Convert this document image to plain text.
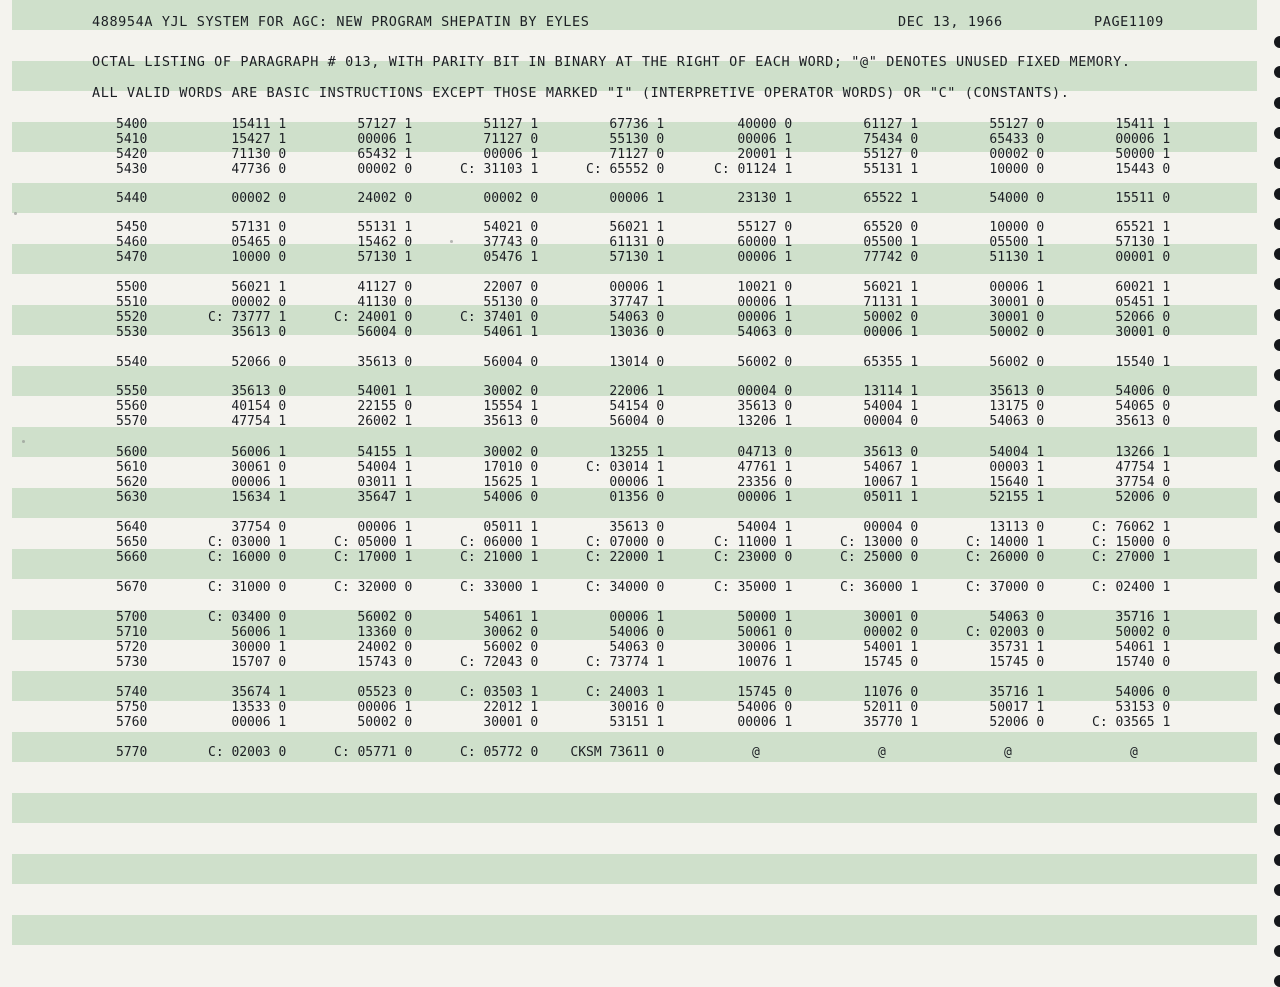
488954A YJL SYSTEM FOR AGC: NEW PROGRAM SHEPATIN BY EYLES	DEC 13, 1966	PAGE1109
OCTAL LISTING OF PARAGRAPH # 013, WITH PARITY BIT IN BINARY AT THE RIGHT OF EACH WORD; "@" DENOTES UNUSED FIXED MEMORY.
ALL VALID WORDS ARE BASIC INSTRUCTIONS EXCEPT THOSE MARKED "I" (INTERPRETIVE OPERATOR WORDS) OR "C" (CONSTANTS).
5400	15411 1	57127 1	51127 1	67736 1	40000 0	61127 1	55127 0	15411 1
5410	15427 1	00006 1	71127 0	55130 0	00006 1	75434 0	65433 0	00006 1
5420	71130 0	65432 1	00006 1	71127 0	20001 1	55127 0	00002 0	50000 1
5430	47736 0	00002 0	C: 31103 1	C: 65552 0	C: 01124 1	55131 1	10000 0	15443 0
5440	00002 0	24002 0	00002 0	00006 1	23130 1	65522 1	54000 0	15511 0
5450	57131 0	55131 1	54021 0	56021 1	55127 0	65520 0	10000 0	65521 1
5460	05465 0	15462 0	37743 0	61131 0	60000 1	05500 1	05500 1	57130 1
5470	10000 0	57130 1	05476 1	57130 1	00006 1	77742 0	51130 1	00001 0
5500	56021 1	41127 0	22007 0	00006 1	10021 0	56021 1	00006 1	60021 1
5510	00002 0	41130 0	55130 0	37747 1	00006 1	71131 1	30001 0	05451 1
5520	C: 73777 1	C: 24001 0	C: 37401 0	54063 0	00006 1	50002 0	30001 0	52066 0
5530	35613 0	56004 0	54061 1	13036 0	54063 0	00006 1	50002 0	30001 0
5540	52066 0	35613 0	56004 0	13014 0	56002 0	65355 1	56002 0	15540 1
5550	35613 0	54001 1	30002 0	22006 1	00004 0	13114 1	35613 0	54006 0
5560	40154 0	22155 0	15554 1	54154 0	35613 0	54004 1	13175 0	54065 0
5570	47754 1	26002 1	35613 0	56004 0	13206 1	00004 0	54063 0	35613 0
5600	56006 1	54155 1	30002 0	13255 1	04713 0	35613 0	54004 1	13266 1
5610	30061 0	54004 1	17010 0	C: 03014 1	47761 1	54067 1	00003 1	47754 1
5620	00006 1	03011 1	15625 1	00006 1	23356 0	10067 1	15640 1	37754 0
5630	15634 1	35647 1	54006 0	01356 0	00006 1	05011 1	52155 1	52006 0
5640	37754 0	00006 1	05011 1	35613 0	54004 1	00004 0	13113 0	C: 76062 1
5650	C: 03000 1	C: 05000 1	C: 06000 1	C: 07000 0	C: 11000 1	C: 13000 0	C: 14000 1	C: 15000 0
5660	C: 16000 0	C: 17000 1	C: 21000 1	C: 22000 1	C: 23000 0	C: 25000 0	C: 26000 0	C: 27000 1
5670	C: 31000 0	C: 32000 0	C: 33000 1	C: 34000 0	C: 35000 1	C: 36000 1	C: 37000 0	C: 02400 1
5700	C: 03400 0	56002 0	54061 1	00006 1	50000 1	30001 0	54063 0	35716 1
5710	56006 1	13360 0	30062 0	54006 0	50061 0	00002 0	C: 02003 0	50002 0
5720	30000 1	24002 0	56002 0	54063 0	30006 1	54001 1	35731 1	54061 1
5730	15707 0	15743 0	C: 72043 0	C: 73774 1	10076 1	15745 0	15745 0	15740 0
5740	35674 1	05523 0	C: 03503 1	C: 24003 1	15745 0	11076 0	35716 1	54006 0
5750	13533 0	00006 1	22012 1	30016 0	54006 0	52011 0	50017 1	53153 0
5760	00006 1	50002 0	30001 0	53151 1	00006 1	35770 1	52006 0	C: 03565 1
5770	C: 02003 0	C: 05771 0	C: 05772 0 CKSM 73611 0	@	@	@	@
